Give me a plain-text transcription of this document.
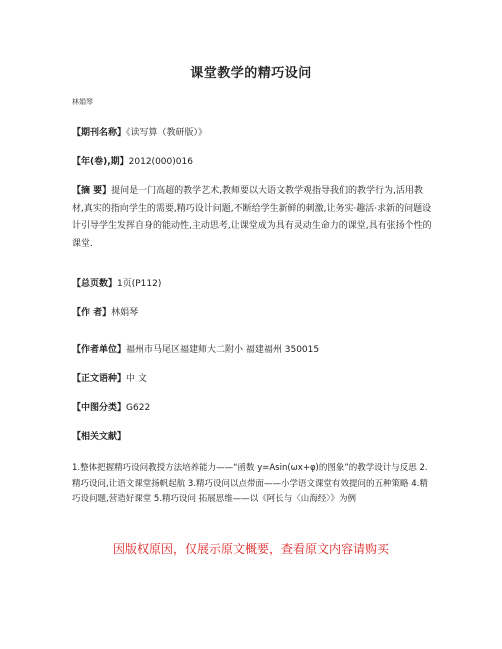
课堂教学的精巧设问
林娟琴
【期刊名称】《读写算（教研版）》
【年(卷),期】2012(000)016
【摘 要】提问是一门高超的教学艺术,教师要以大语文教学观指导我们的教学行为,活用教材,真实的指向学生的需要,精巧设计问题,不断给学生新鲜的刺激,让务实·趣活·求新的问题设计引导学生发挥自身的能动性,主动思考,让课堂成为具有灵动生命力的课堂,具有张扬个性的课堂.
【总页数】1页(P112)
【作 者】林娟琴
【作者单位】福州市马尾区福建师大二附小 福建福州 350015
【正文语种】中 文
【中图分类】G622
【相关文献】
1.整体把握精巧设问教授方法培养能力——“函数 y=Asin(ωx+φ)的图象”的教学设计与反思 2.精巧设问,让语文课堂扬帆起航 3.精巧设问以点带面——小学语文课堂有效提问的五种策略 4.精巧设问题,营造好课堂 5.精巧设问 拓展思维——以《阿长与〈山海经〉》为例
因版权原因，仅展示原文概要，查看原文内容请购买
